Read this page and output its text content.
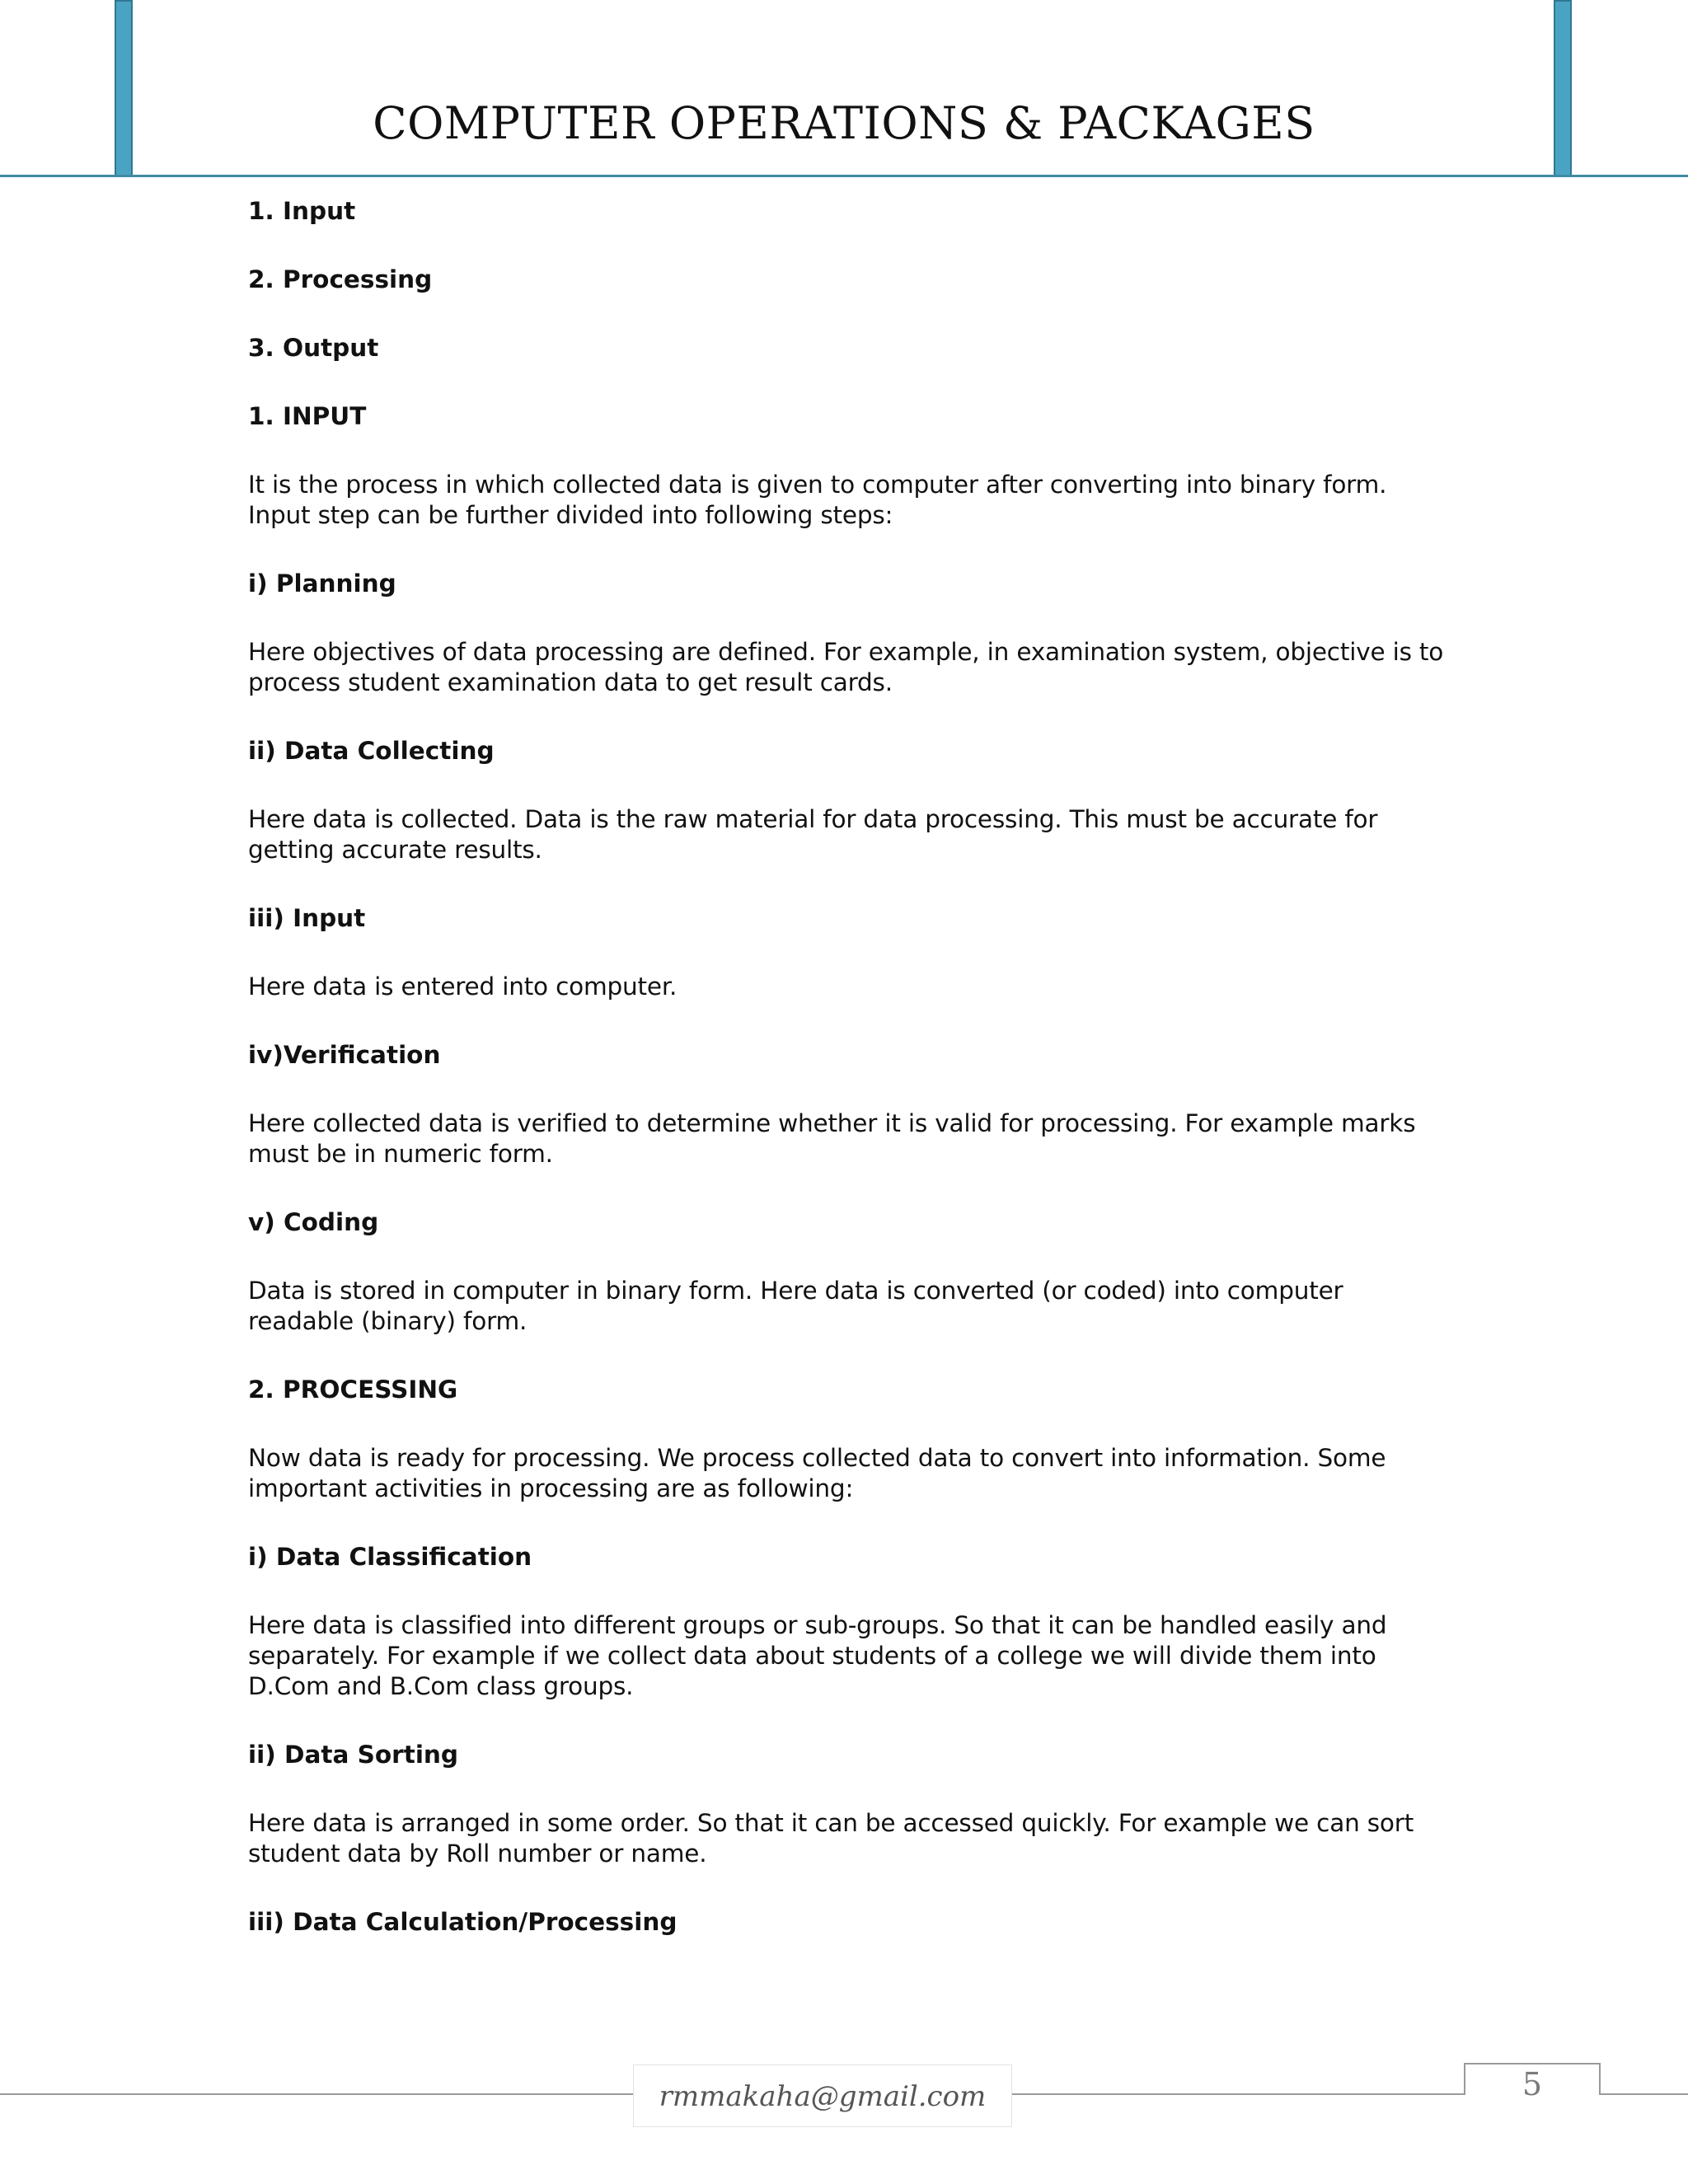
COMPUTER OPERATIONS & PACKAGES
1. Input
2. Processing
3. Output
1. INPUT
It is the process in which collected data is given to computer after converting into binary form.
Input step can be further divided into following steps:
i) Planning
Here objectives of data processing are defined. For example, in examination system, objective is to
process student examination data to get result cards.
ii) Data Collecting
Here data is collected. Data is the raw material for data processing. This must be accurate for
getting accurate results.
iii) Input
Here data is entered into computer.
iv)Verification
Here collected data is verified to determine whether it is valid for processing. For example marks
must be in numeric form.
v) Coding
Data is stored in computer in binary form. Here data is converted (or coded) into computer
readable (binary) form.
2. PROCESSING
Now data is ready for processing. We process collected data to convert into information. Some
important activities in processing are as following:
i) Data Classification
Here data is classified into different groups or sub-groups. So that it can be handled easily and
separately. For example if we collect data about students of a college we will divide them into
D.Com and B.Com class groups.
ii) Data Sorting
Here data is arranged in some order. So that it can be accessed quickly. For example we can sort
student data by Roll number or name.
iii) Data Calculation/Processing
rmmakaha@gmail.com	5
